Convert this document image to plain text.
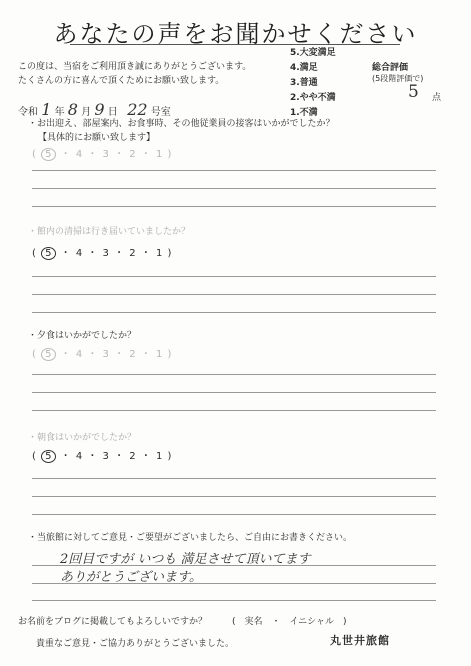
あなたの声をお聞かせください
この度は、当宿をご利用頂き誠にありがとうございます。
たくさんの方に喜んで頂くためにお願い致します。
5.大変満足
4.満足
3.普通
2.やや不満
1.不満
総合評価
(5段階評価で)
5 点
令和 1 年 8 月 9 日 22 号室
・お出迎え、部屋案内、お食事時、その他従業員の接客はいかがでしたか？
【具体的にお願い致します】
( 5 ・ 4 ・ 3 ・ 2 ・ 1 )
・館内の清掃は行き届いていましたか？
( 5 ・ 4 ・ 3 ・ 2 ・ 1 )
・夕食はいかがでしたか？
( 5 ・ 4 ・ 3 ・ 2 ・ 1 )
・朝食はいかがでしたか？
( 5 ・ 4 ・ 3 ・ 2 ・ 1 )
・当旅館に対してご意見・ご要望がございましたら、ご自由にお書きください。
2回目ですが いつも 満足させて頂いてます
ありがとうございます。
お名前をブログに掲載してもよろしいですか？	(　実名　・　イニシャル　)
貴重なご意見・ご協力ありがとうございました。	丸世井旅館
